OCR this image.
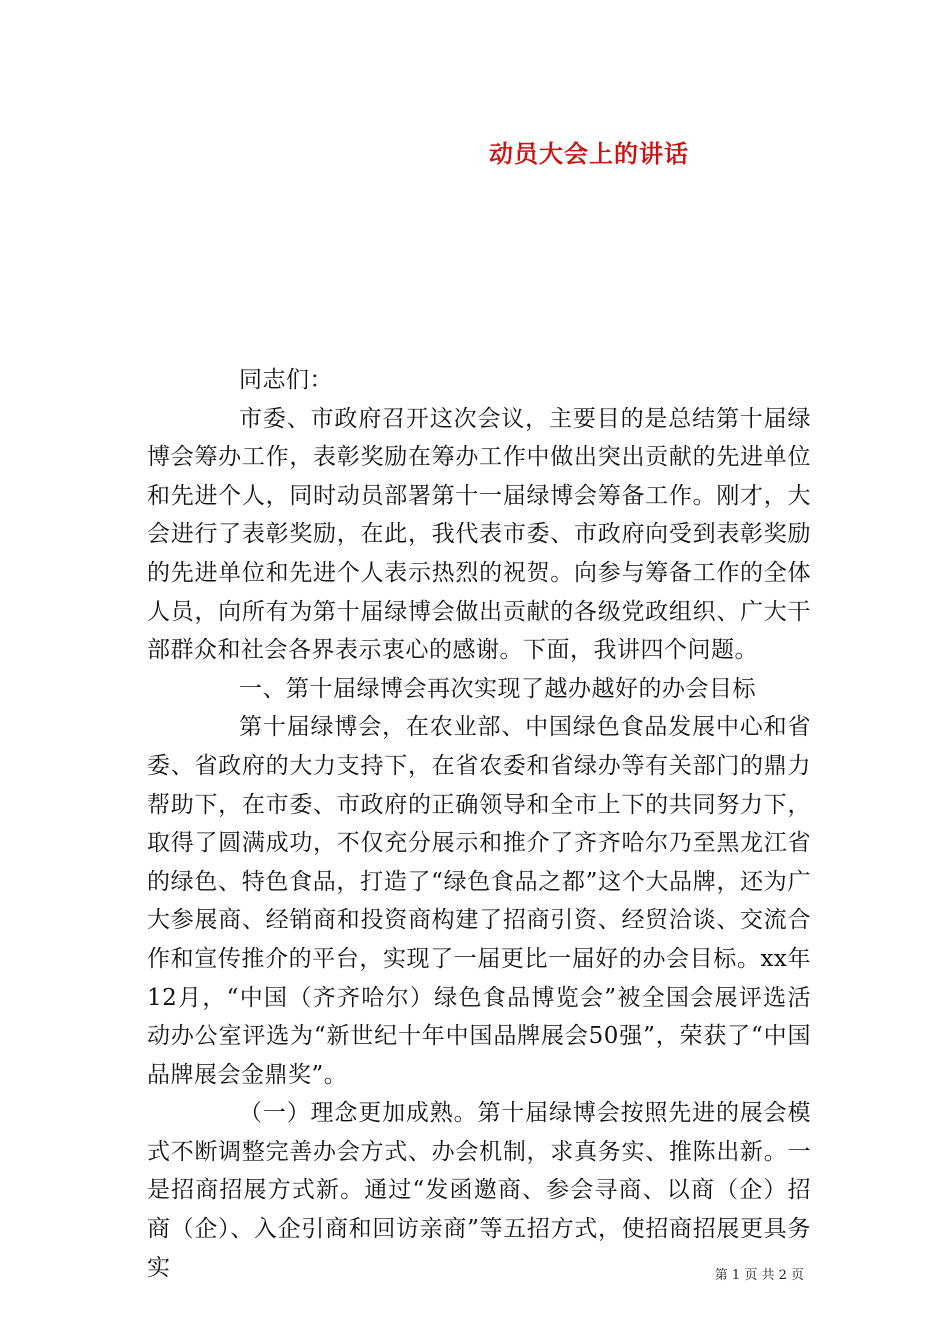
动员大会上的讲话

同志们：

市委、市政府召开这次会议，主要目的是总结第十届绿博会筹办工作，表彰奖励在筹办工作中做出突出贡献的先进单位和先进个人，同时动员部署第十一届绿博会筹备工作。刚才，大会进行了表彰奖励，在此，我代表市委、市政府向受到表彰奖励的先进单位和先进个人表示热烈的祝贺。向参与筹备工作的全体人员，向所有为第十届绿博会做出贡献的各级党政组织、广大干部群众和社会各界表示衷心的感谢。下面，我讲四个问题。

一、第十届绿博会再次实现了越办越好的办会目标

第十届绿博会，在农业部、中国绿色食品发展中心和省委、省政府的大力支持下，在省农委和省绿办等有关部门的鼎力帮助下，在市委、市政府的正确领导和全市上下的共同努力下，取得了圆满成功，不仅充分展示和推介了齐齐哈尔乃至黑龙江省的绿色、特色食品，打造了“绿色食品之都”这个大品牌，还为广大参展商、经销商和投资商构建了招商引资、经贸洽谈、交流合作和宣传推介的平台，实现了一届更比一届好的办会目标。xx年12月，“中国（齐齐哈尔）绿色食品博览会”被全国会展评选活动办公室评选为“新世纪十年中国品牌展会50强”，荣获了“中国品牌展会金鼎奖”。

（一）理念更加成熟。第十届绿博会按照先进的展会模式不断调整完善办会方式、办会机制，求真务实、推陈出新。一是招商招展方式新。通过“发函邀商、参会寻商、以商（企）招商（企）、入企引商和回访亲商”等五招方式，使招商招展更具务实	第 1 页 共 2 页
